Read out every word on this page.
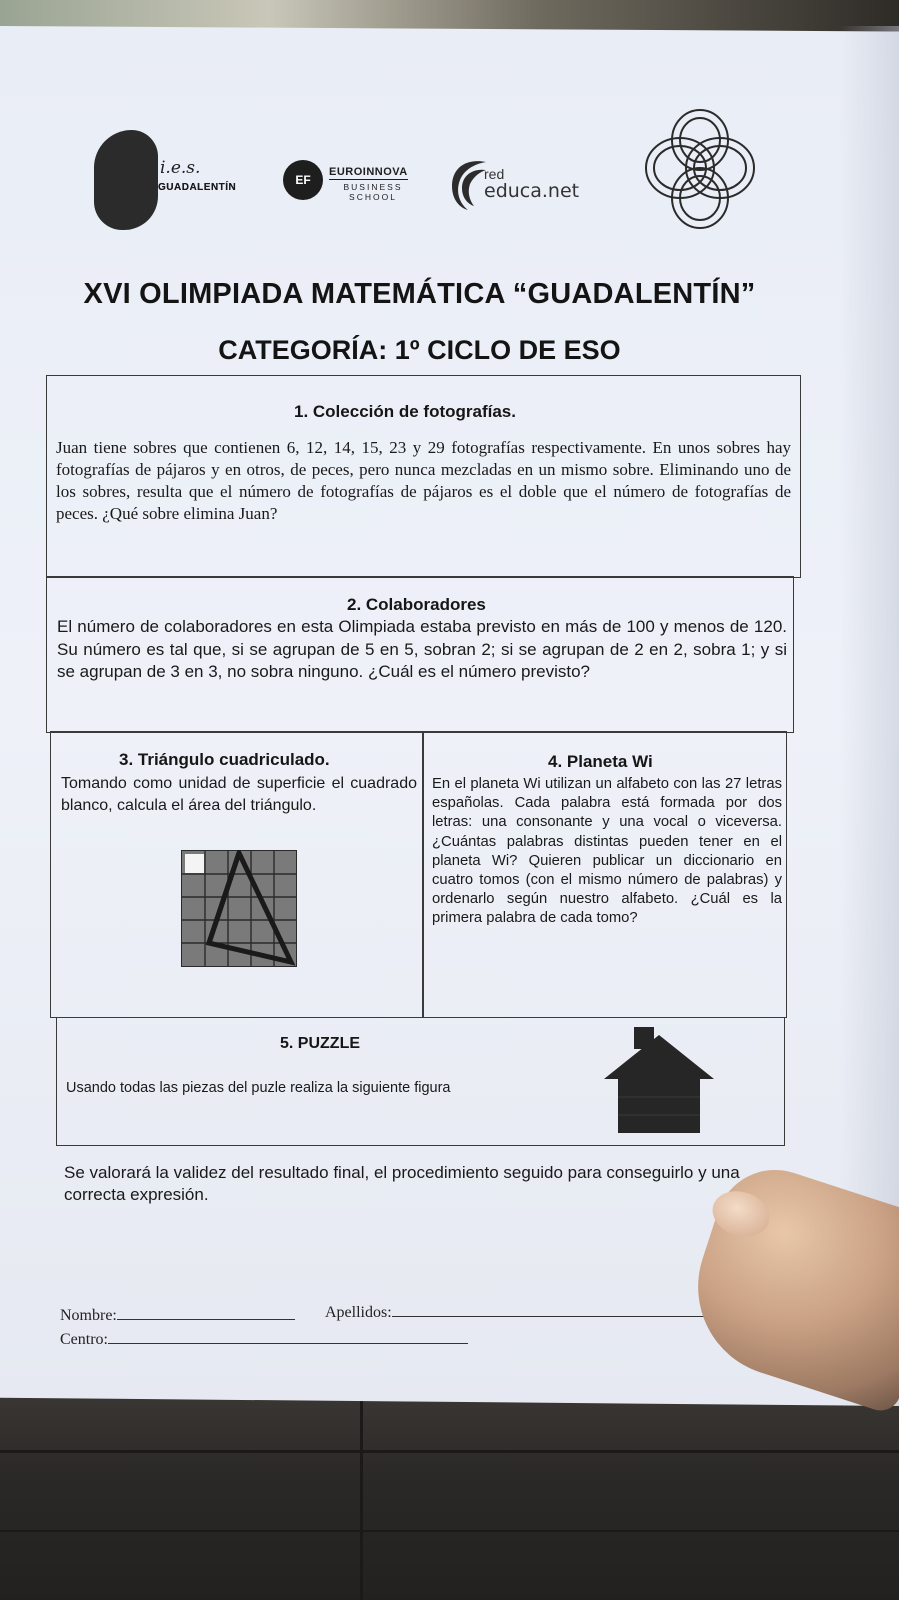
i.e.s.
GUADALENTÍN
EF
EUROINNOVA
BUSINESS SCHOOL
red
educa.net
XVI OLIMPIADA MATEMÁTICA “GUADALENTÍN”
CATEGORÍA: 1º CICLO DE ESO
1. Colección de fotografías.
Juan tiene sobres que contienen 6, 12, 14, 15, 23 y 29 fotografías respectivamente. En unos sobres hay fotografías de pájaros y en otros, de peces, pero nunca mezcladas en un mismo sobre. Eliminando uno de los sobres, resulta que el número de fotografías de pájaros es el doble que el número de fotografías de peces. ¿Qué sobre elimina Juan?
2. Colaboradores
El número de colaboradores en esta Olimpiada estaba previsto en más de 100 y menos de 120. Su número es tal que, si se agrupan de 5 en 5, sobran 2; si se agrupan de 2 en 2, sobra 1; y si se agrupan de 3 en 3, no sobra ninguno. ¿Cuál es el número previsto?
3. Triángulo cuadriculado.
Tomando como unidad de superficie el cuadrado blanco, calcula el área del triángulo.
4. Planeta Wi
En el planeta Wi utilizan un alfabeto con las 27 letras españolas. Cada palabra está formada por dos letras: una consonante y una vocal o viceversa. ¿Cuántas palabras distintas pueden tener en el planeta Wi? Quieren publicar un diccionario en cuatro tomos (con el mismo número de palabras) y ordenarlo según nuestro alfabeto. ¿Cuál es la primera palabra de cada tomo?
5. PUZZLE
Usando todas las piezas del puzle realiza la siguiente figura
Se valorará la validez del resultado final, el procedimiento seguido para conseguirlo y una correcta expresión.
Nombre:	Apellidos:
Centro:
